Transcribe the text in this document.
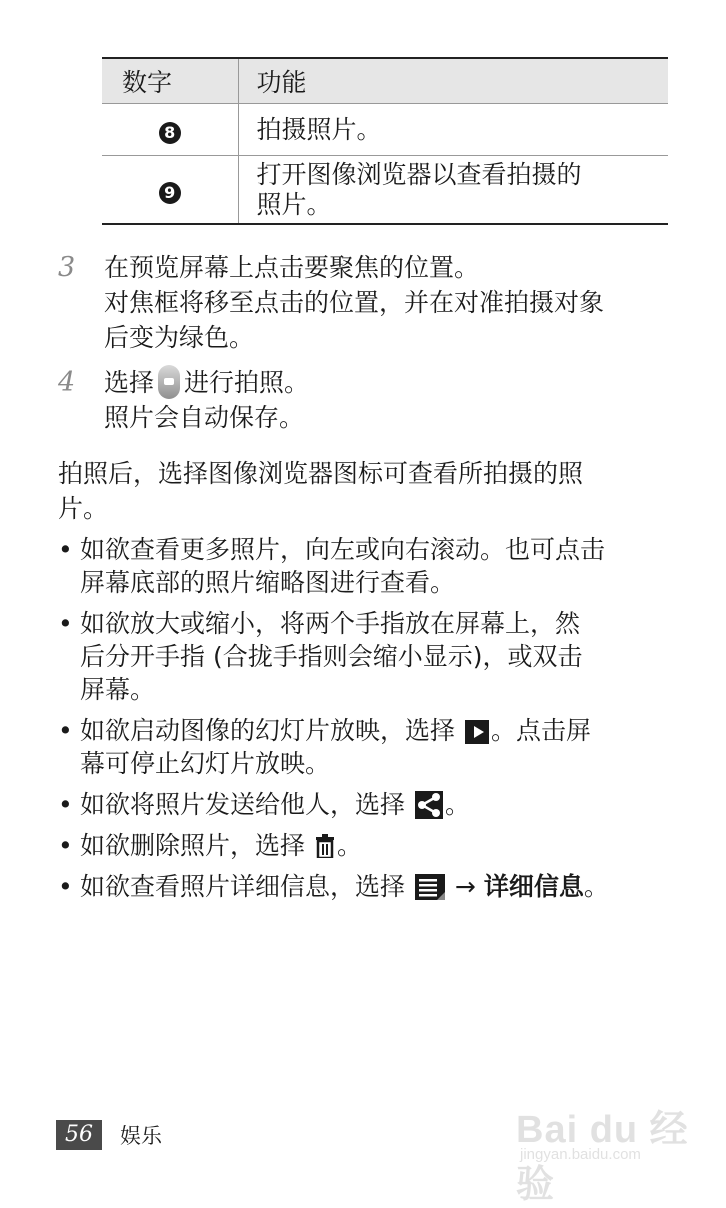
数字	功能
8	拍摄照片。
9	打开图像浏览器以查看拍摄的
照片。
3	在预览屏幕上点击要聚焦的位置。

对焦框将移至点击的位置，并在对准拍摄对象
后变为绿色。

4	选择 进行拍照。

照片会自动保存。

拍照后，选择图像浏览器图标可查看所拍摄的照
片。

• 如欲查看更多照片，向左或向右滚动。也可点击
屏幕底部的照片缩略图进行查看。
• 如欲放大或缩小，将两个手指放在屏幕上，然
后分开手指 (合拢手指则会缩小显示)，或双击
屏幕。
• 如欲启动图像的幻灯片放映，选择 。点击屏
幕可停止幻灯片放映。
• 如欲将照片发送给他人，选择 。
• 如欲删除照片，选择 。
• 如欲查看照片详细信息，选择 → 详细信息。
56	娱乐	Bai du 经验
jingyan.baidu.com
